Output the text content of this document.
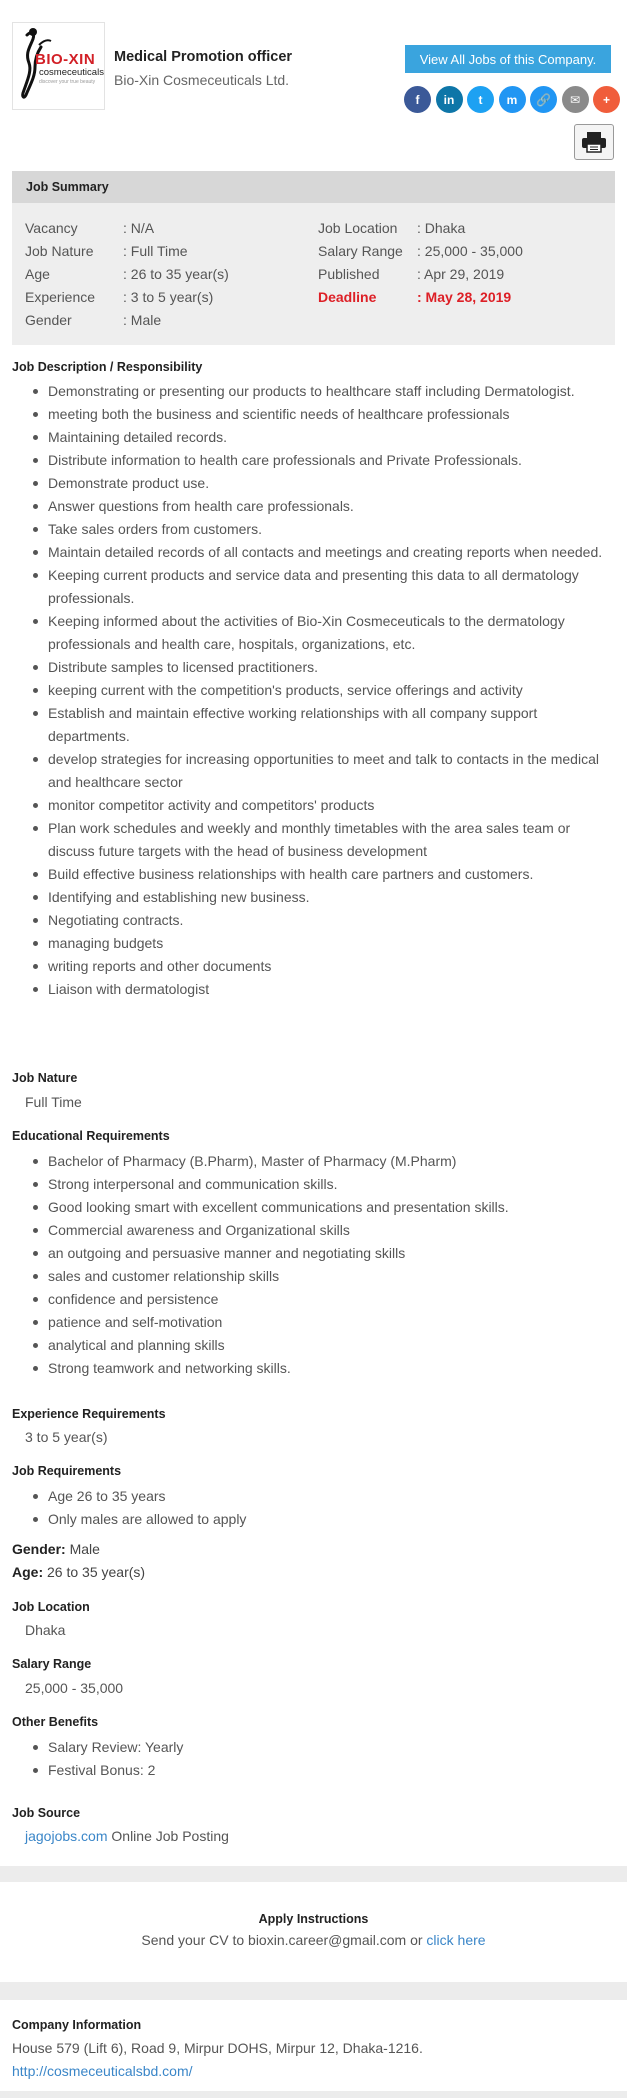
BIO-XIN
cosmeceuticals
discover your true beauty
Medical Promotion officer
Bio-Xin Cosmeceuticals Ltd.
View All Jobs of this Company.
f	in	t	m	🔗	✉	+
Job Summary
Vacancy	: N/A
Job Nature	: Full Time
Age	: 26 to 35 year(s)
Experience	: 3 to 5 year(s)
Gender	: Male
Job Location	: Dhaka
Salary Range	: 25,000 - 35,000
Published	: Apr 29, 2019
Deadline	: May 28, 2019
Job Description / Responsibility
Demonstrating or presenting our products to healthcare staff including Dermatologist.
meeting both the business and scientific needs of healthcare professionals
Maintaining detailed records.
Distribute information to health care professionals and Private Professionals.
Demonstrate product use.
Answer questions from health care professionals.
Take sales orders from customers.
Maintain detailed records of all contacts and meetings and creating reports when needed.
Keeping current products and service data and presenting this data to all dermatology professionals.
Keeping informed about the activities of Bio-Xin Cosmeceuticals to the dermatology professionals and health care, hospitals, organizations, etc.
Distribute samples to licensed practitioners.
keeping current with the competition's products, service offerings and activity
Establish and maintain effective working relationships with all company support departments.
develop strategies for increasing opportunities to meet and talk to contacts in the medical and healthcare sector
monitor competitor activity and competitors' products
Plan work schedules and weekly and monthly timetables with the area sales team or discuss future targets with the head of business development
Build effective business relationships with health care partners and customers.
Identifying and establishing new business.
Negotiating contracts.
managing budgets
writing reports and other documents
Liaison with dermatologist
Job Nature
Full Time
Educational Requirements
Bachelor of Pharmacy (B.Pharm), Master of Pharmacy (M.Pharm)
Strong interpersonal and communication skills.
Good looking smart with excellent communications and presentation skills.
Commercial awareness and Organizational skills
an outgoing and persuasive manner and negotiating skills
sales and customer relationship skills
confidence and persistence
patience and self-motivation
analytical and planning skills
Strong teamwork and networking skills.
Experience Requirements
3 to 5 year(s)
Job Requirements
Age 26 to 35 years
Only males are allowed to apply
Gender: Male
Age: 26 to 35 year(s)
Job Location
Dhaka
Salary Range
25,000 - 35,000
Other Benefits
Salary Review: Yearly
Festival Bonus: 2
Job Source
jagojobs.com Online Job Posting
Apply Instructions
Send your CV to bioxin.career@gmail.com or click here
Company Information
House 579 (Lift 6), Road 9, Mirpur DOHS, Mirpur 12, Dhaka-1216.
http://cosmeceuticalsbd.com/
